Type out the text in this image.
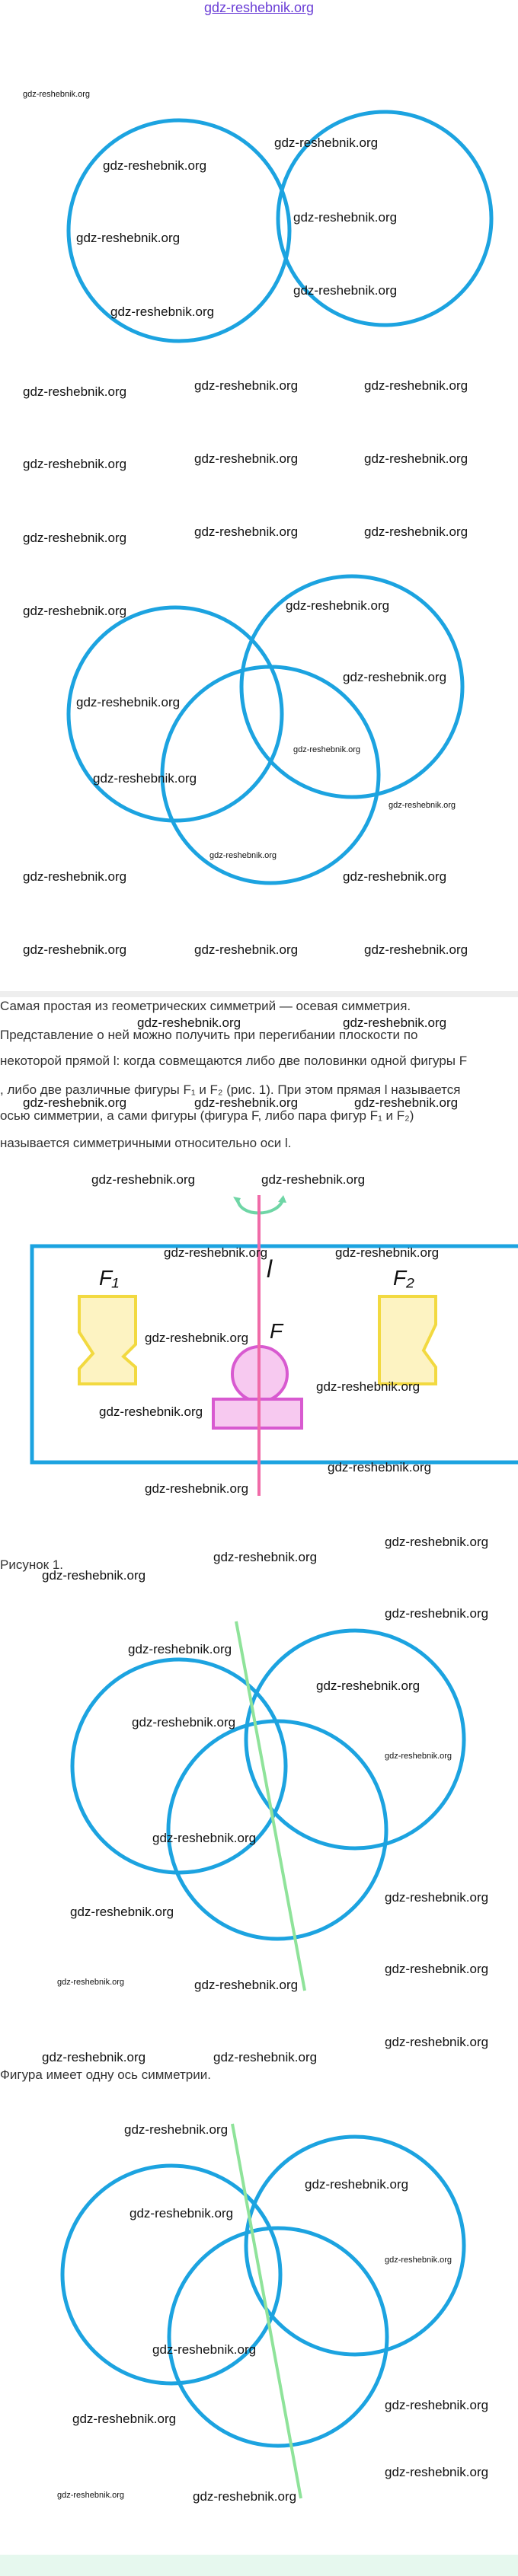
gdz-reshebnik.org
Самая простая из геометрических симметрий — осевая симметрия.
Представление о ней можно получить при перегибании плоскости по
некоторой прямой l: когда совмещаются либо две половинки одной фигуры F
, либо две различные фигуры F₁ и F₂ (рис. 1). При этом прямая l называется
осью симметрии, а сами фигуры (фигура F, либо пара фигур F₁ и F₂)
называется симметричными относительно оси l.
F₁	F₂
F
l
Рисунок 1.
Фигура имеет одну ось симметрии.
gdz-reshebnik.org
gdz-reshebnik.org
gdz-reshebnik.org
gdz-reshebnik.org
gdz-reshebnik.org
gdz-reshebnik.org
gdz-reshebnik.org
gdz-reshebnik.org	gdz-reshebnik.org	gdz-reshebnik.org
gdz-reshebnik.org	gdz-reshebnik.org	gdz-reshebnik.org
gdz-reshebnik.org	gdz-reshebnik.org	gdz-reshebnik.org
gdz-reshebnik.org	gdz-reshebnik.org
gdz-reshebnik.org
gdz-reshebnik.org
gdz-reshebnik.org
gdz-reshebnik.org
gdz-reshebnik.org
gdz-reshebnik.org
gdz-reshebnik.org	gdz-reshebnik.org
gdz-reshebnik.org	gdz-reshebnik.org	gdz-reshebnik.org
gdz-reshebnik.org	gdz-reshebnik.org
gdz-reshebnik.org	gdz-reshebnik.org	gdz-reshebnik.org
gdz-reshebnik.org	gdz-reshebnik.org
gdz-reshebnik.org	gdz-reshebnik.org
gdz-reshebnik.org
gdz-reshebnik.org
gdz-reshebnik.org
gdz-reshebnik.org
gdz-reshebnik.org
gdz-reshebnik.org
gdz-reshebnik.org
gdz-reshebnik.org
gdz-reshebnik.org
gdz-reshebnik.org
gdz-reshebnik.org
gdz-reshebnik.org
gdz-reshebnik.org
gdz-reshebnik.org
gdz-reshebnik.org
gdz-reshebnik.org
gdz-reshebnik.org
gdz-reshebnik.org	gdz-reshebnik.org
gdz-reshebnik.org
gdz-reshebnik.org	gdz-reshebnik.org
gdz-reshebnik.org
gdz-reshebnik.org
gdz-reshebnik.org
gdz-reshebnik.org
gdz-reshebnik.org
gdz-reshebnik.org
gdz-reshebnik.org
gdz-reshebnik.org
gdz-reshebnik.org	gdz-reshebnik.org
